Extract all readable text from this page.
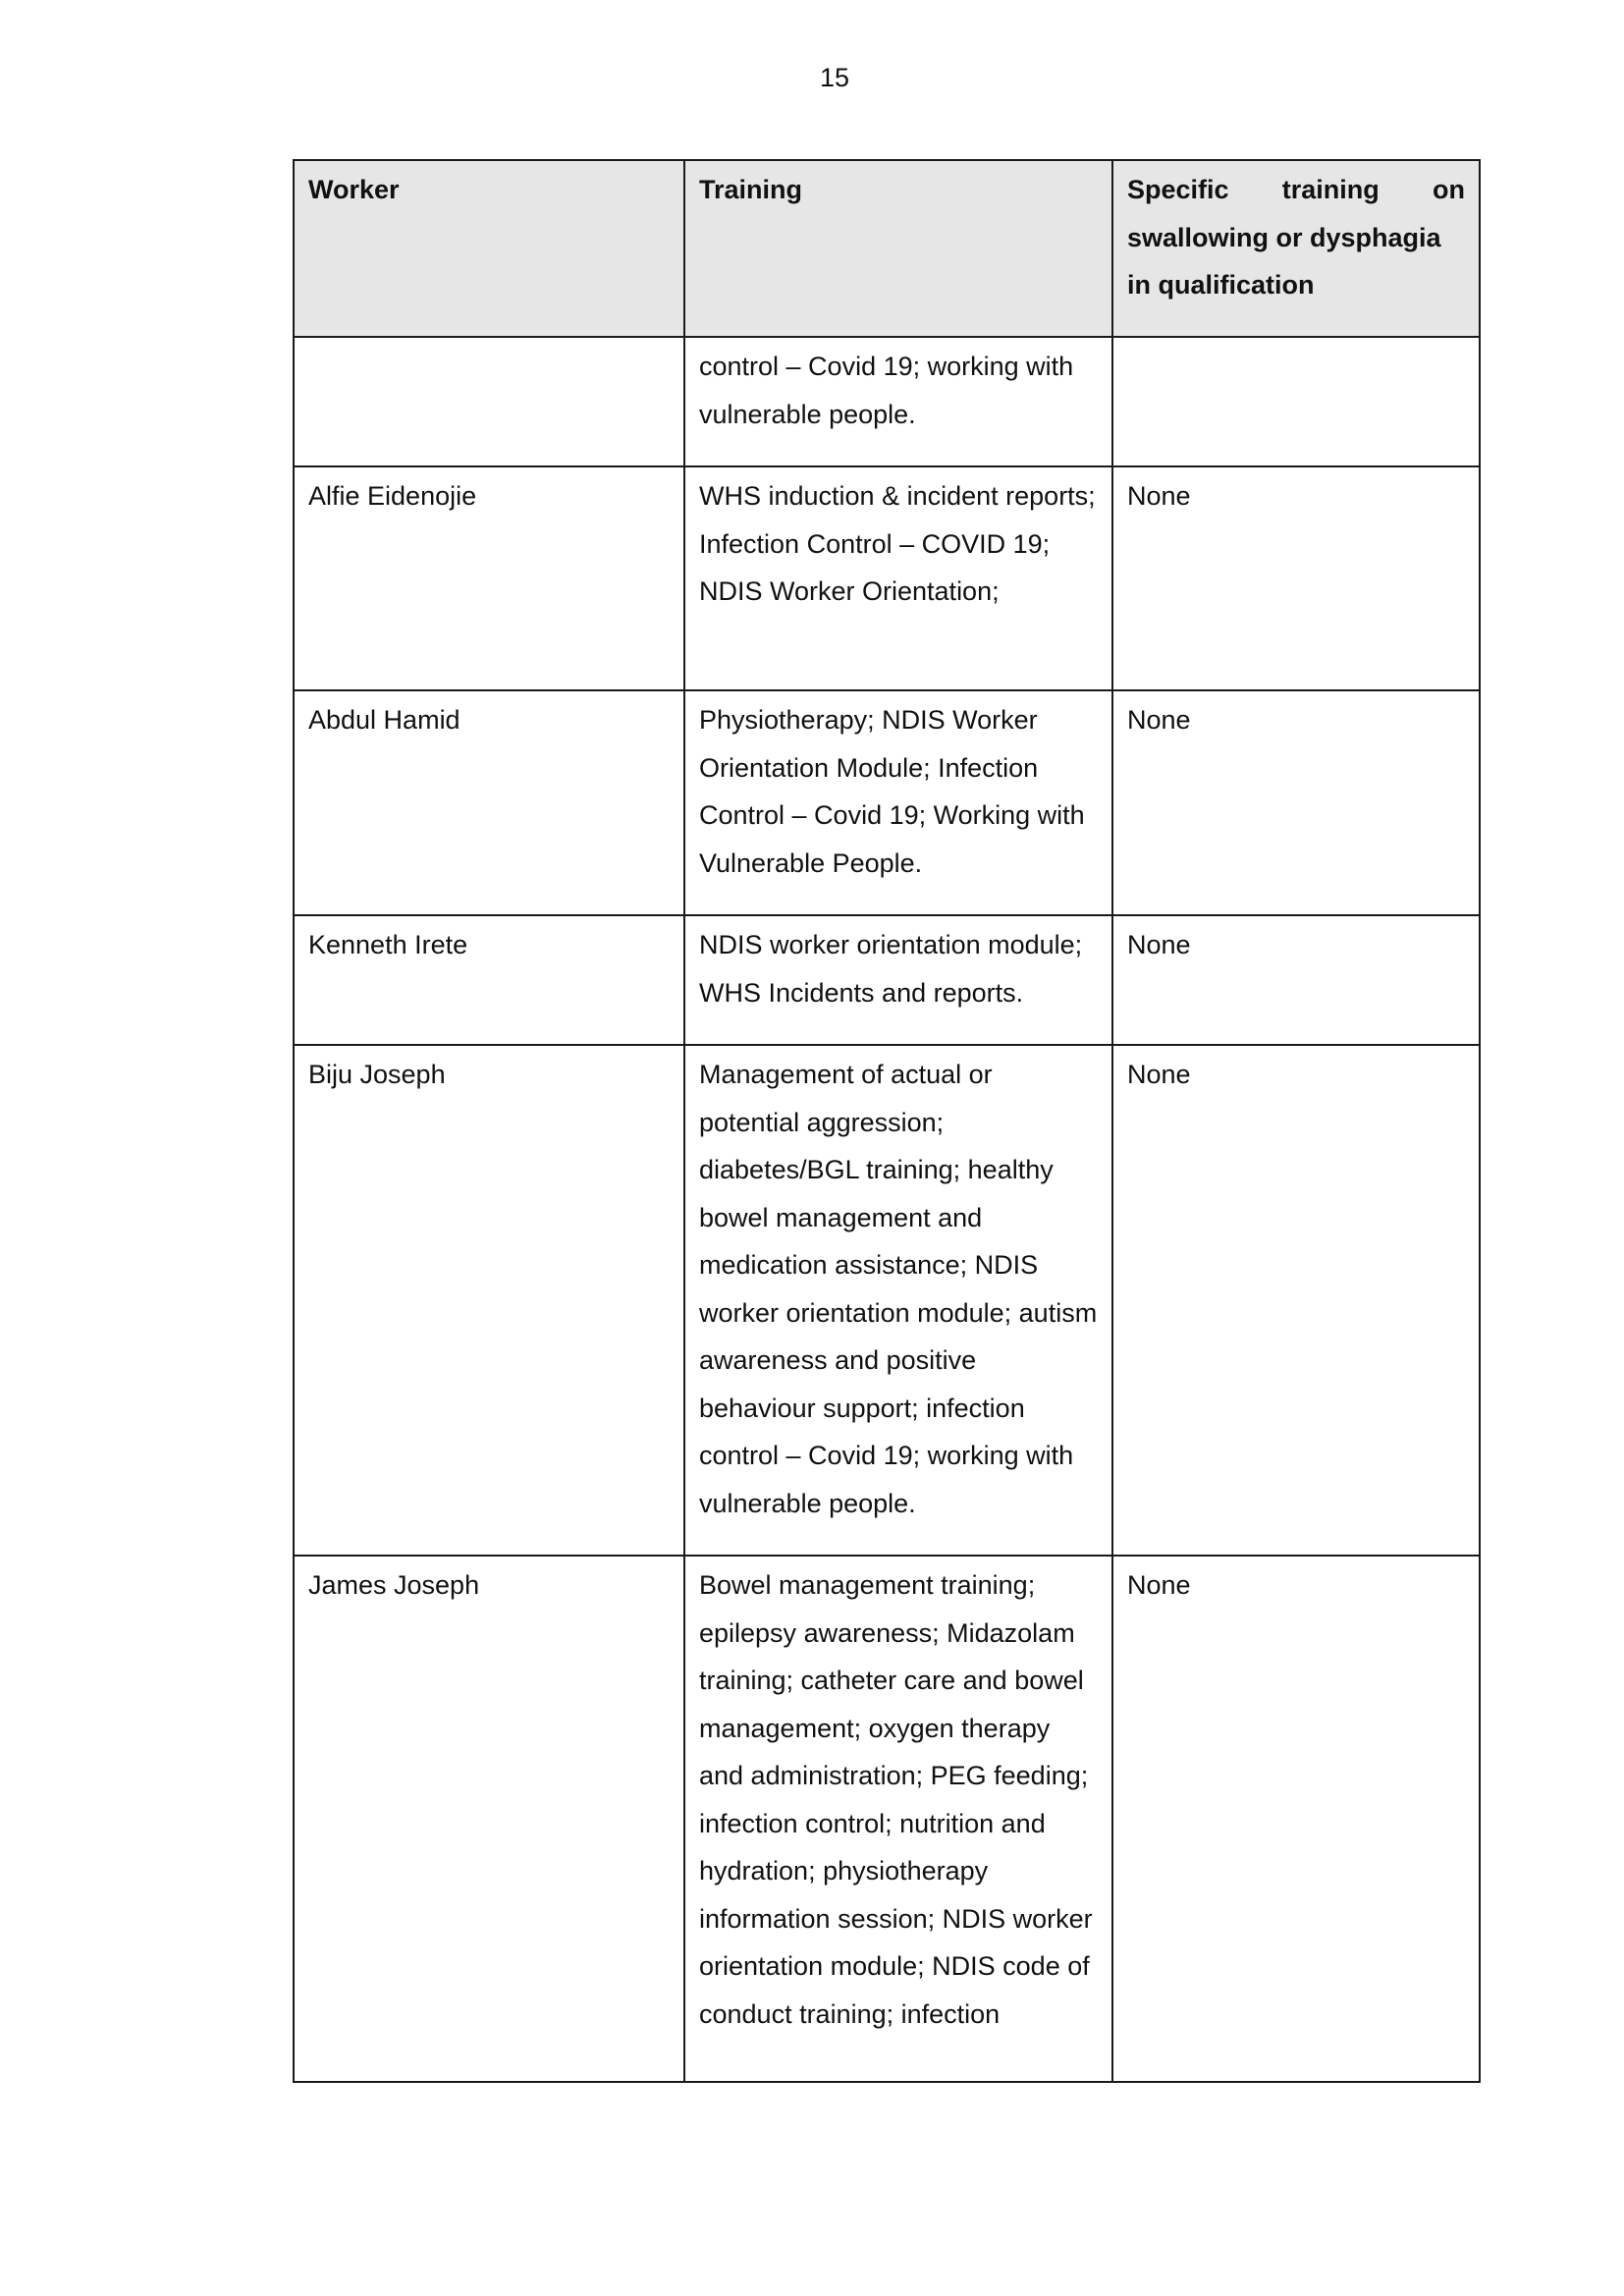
15
Worker	Training	Specific training on
swallowing or dysphagia in qualification
	control – Covid 19; working with vulnerable people.	
Alfie Eidenojie	WHS induction & incident reports; Infection Control – COVID 19; NDIS Worker Orientation;	None
Abdul Hamid	Physiotherapy; NDIS Worker Orientation Module; Infection Control – Covid 19; Working with Vulnerable People.	None
Kenneth Irete	NDIS worker orientation module; WHS Incidents and reports.	None
Biju Joseph	Management of actual or potential aggression; diabetes/BGL training; healthy bowel management and medication assistance; NDIS worker orientation module; autism awareness and positive behaviour support; infection control – Covid 19; working with vulnerable people.	None
James Joseph	Bowel management training; epilepsy awareness; Midazolam training; catheter care and bowel management; oxygen therapy and administration; PEG feeding; infection control; nutrition and hydration; physiotherapy information session; NDIS worker orientation module; NDIS code of conduct training; infection	None
